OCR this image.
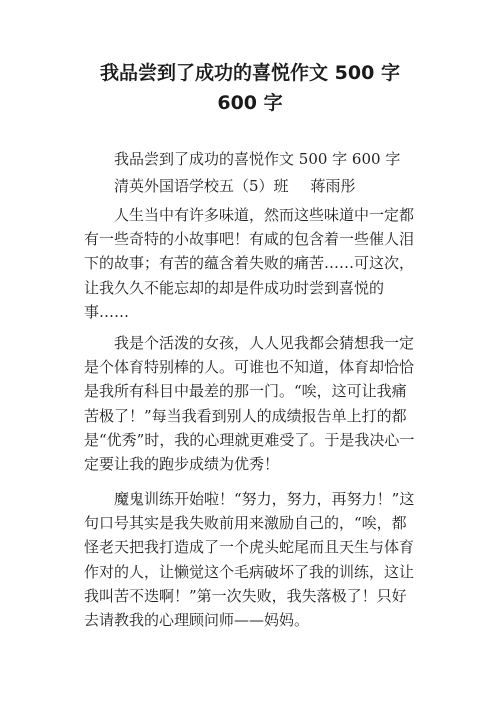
我品尝到了成功的喜悦作文 500 字
600 字

我品尝到了成功的喜悦作文 500 字 600 字

清英外国语学校五（5）班 蒋雨彤

人生当中有许多味道，然而这些味道中一定都有一些奇特的小故事吧！有咸的包含着一些催人泪下的故事；有苦的蕴含着失败的痛苦……可这次，让我久久不能忘却的却是件成功时尝到喜悦的事……

我是个活泼的女孩，人人见我都会猜想我一定是个体育特别棒的人。可谁也不知道，体育却恰恰是我所有科目中最差的那一门。“唉，这可让我痛苦极了！”每当我看到别人的成绩报告单上打的都是“优秀”时，我的心理就更难受了。于是我决心一定要让我的跑步成绩为优秀！

魔鬼训练开始啦！“努力，努力，再努力！”这句口号其实是我失败前用来激励自己的，“唉，都怪老天把我打造成了一个虎头蛇尾而且天生与体育作对的人，让懒觉这个毛病破坏了我的训练，这让我叫苦不迭啊！”第一次失败，我失落极了！只好去请教我的心理顾问师——妈妈。
